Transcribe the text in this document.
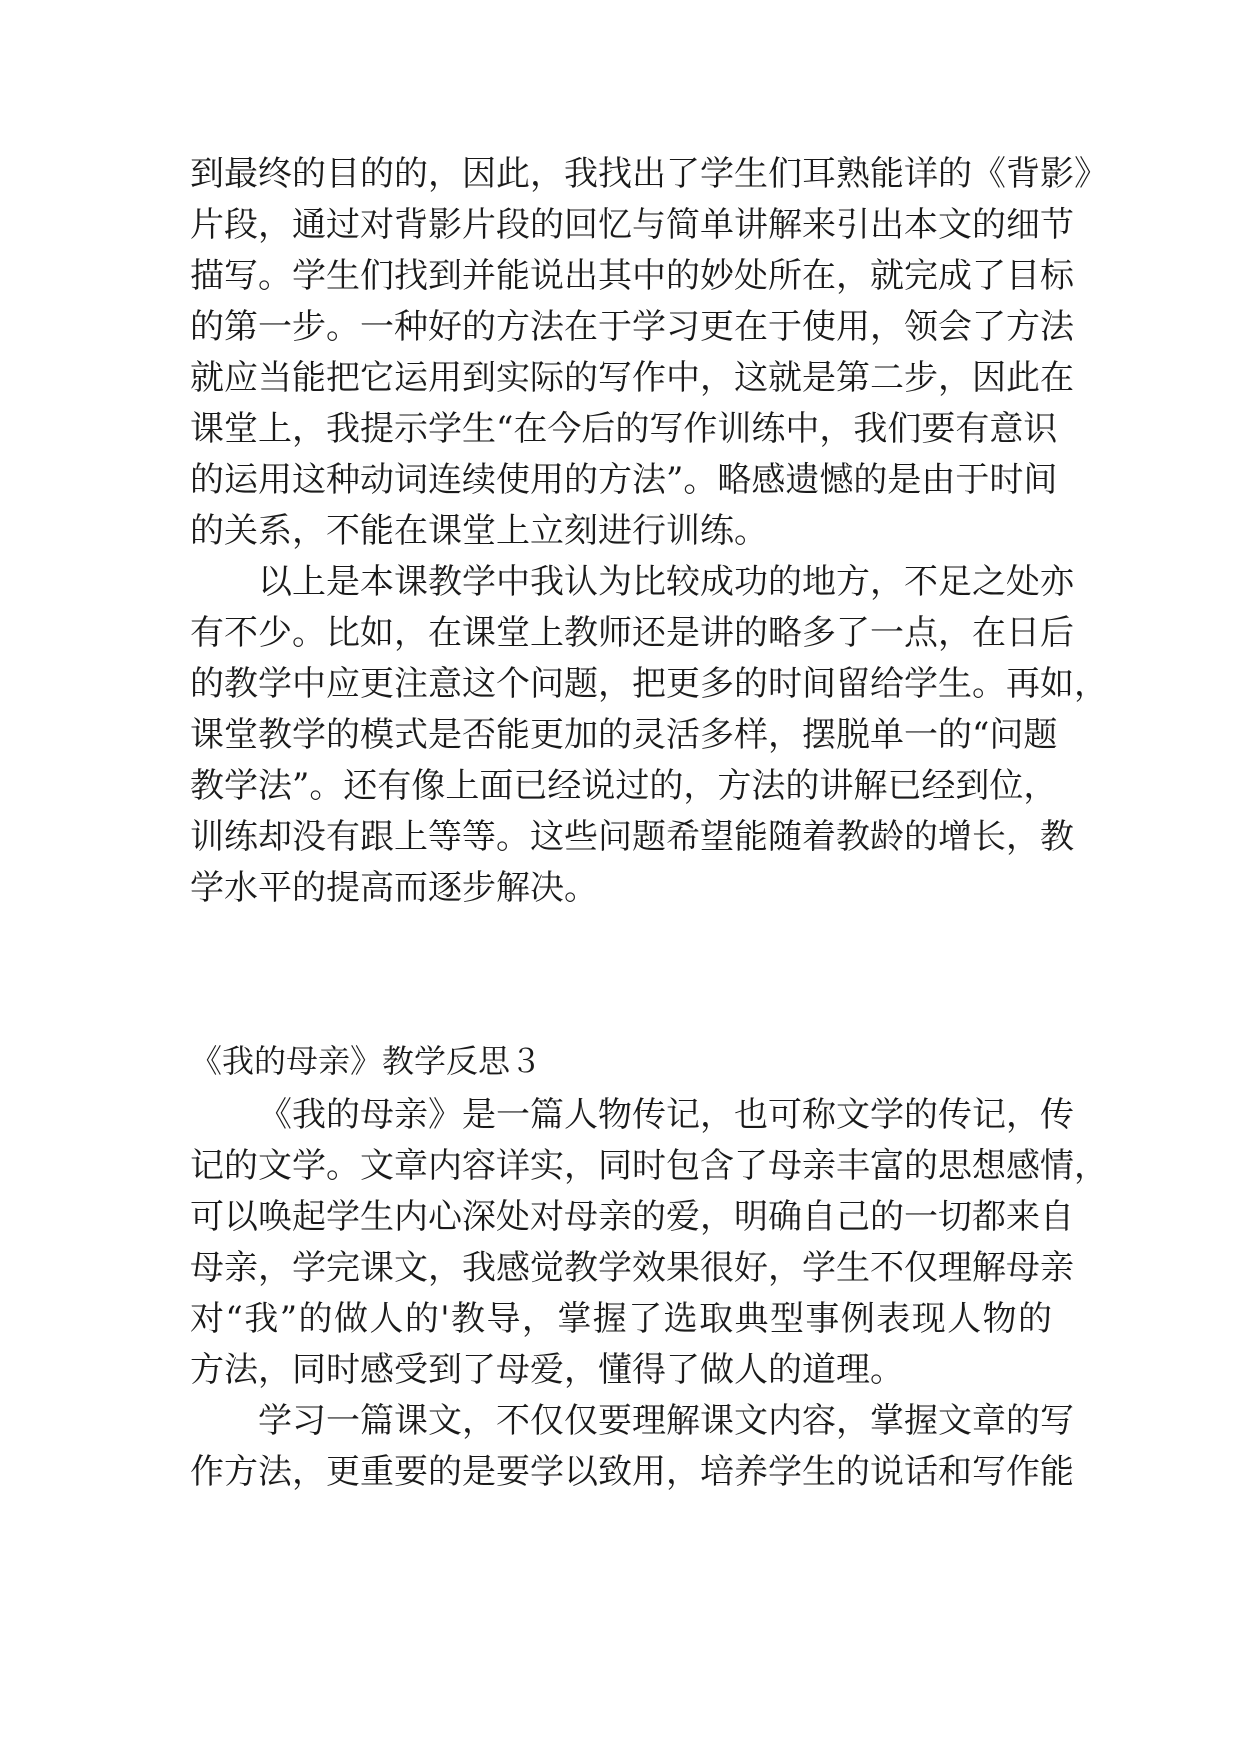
到最终的目的的，因此，我找出了学生们耳熟能详的《背影》
片段，通过对背影片段的回忆与简单讲解来引出本文的细节
描写。学生们找到并能说出其中的妙处所在，就完成了目标
的第一步。一种好的方法在于学习更在于使用，领会了方法
就应当能把它运用到实际的写作中，这就是第二步，因此在
课堂上，我提示学生“在今后的写作训练中，我们要有意识
的运用这种动词连续使用的方法”。略感遗憾的是由于时间
的关系，不能在课堂上立刻进行训练。
以上是本课教学中我认为比较成功的地方，不足之处亦
有不少。比如，在课堂上教师还是讲的略多了一点，在日后
的教学中应更注意这个问题，把更多的时间留给学生。再如，
课堂教学的模式是否能更加的灵活多样，摆脱单一的“问题
教学法”。还有像上面已经说过的，方法的讲解已经到位，
训练却没有跟上等等。这些问题希望能随着教龄的增长，教
学水平的提高而逐步解决。
《我的母亲》教学反思３
《我的母亲》是一篇人物传记，也可称文学的传记，传
记的文学。文章内容详实，同时包含了母亲丰富的思想感情，
可以唤起学生内心深处对母亲的爱，明确自己的一切都来自
母亲，学完课文，我感觉教学效果很好，学生不仅理解母亲
对“我”的做人的'教导，掌握了选取典型事例表现人物的
方法，同时感受到了母爱，懂得了做人的道理。
学习一篇课文，不仅仅要理解课文内容，掌握文章的写
作方法，更重要的是要学以致用，培养学生的说话和写作能
